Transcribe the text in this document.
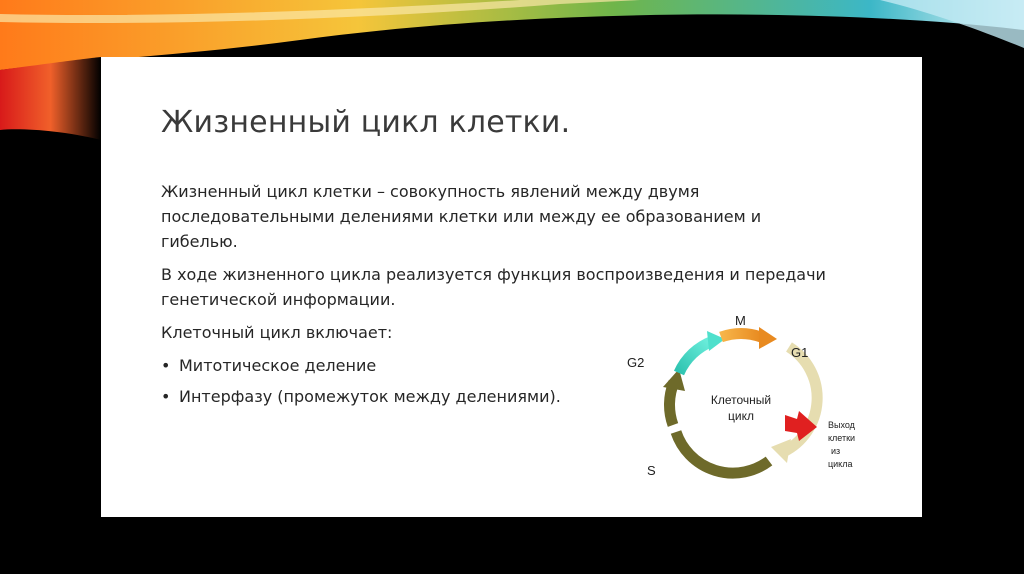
Жизненный цикл клетки.

Жизненный цикл клетки – совокупность явлений между двумя последовательными делениями клетки или между ее образованием и гибелью.

В ходе жизненного цикла реализуется функция воспроизведения и передачи генетической информации.

Клеточный цикл включает:

• Митотическое деление
• Интерфазу (промежуток между делениями).
M
G1
G2
S
Клеточный
цикл
Выход
клетки
из
цикла
